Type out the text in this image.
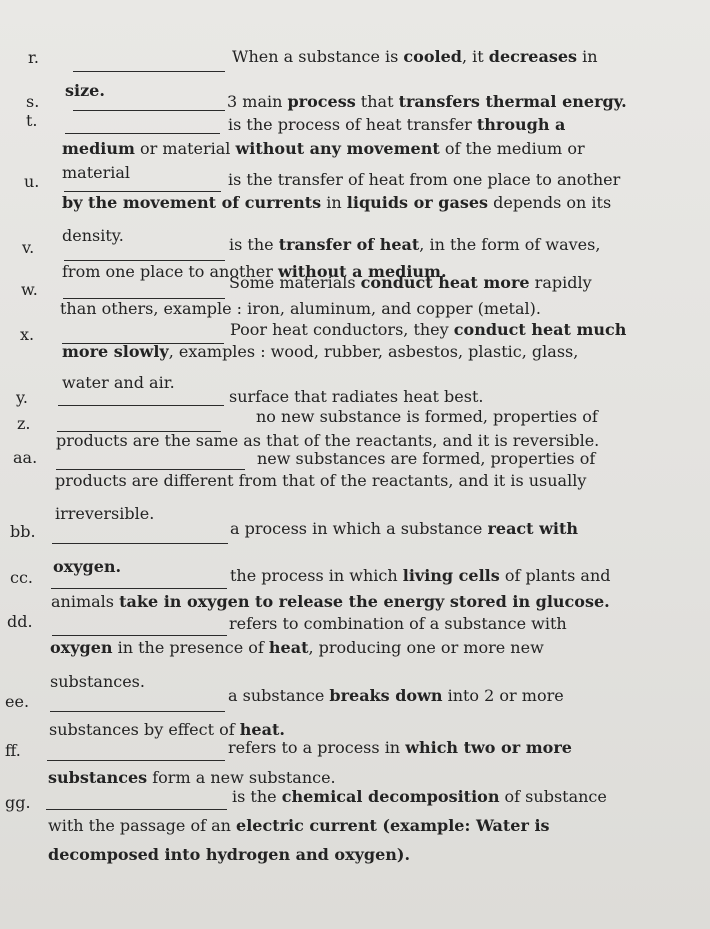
r.	When a substance is cooled, it decreases in
size.
s.	3 main process that transfers thermal energy.
t.	is the process of heat transfer through a
medium or material without any movement of the medium or
material
u.	is the transfer of heat from one place to another
by the movement of currents in liquids or gases depends on its
density.
v.	is the transfer of heat, in the form of waves,
from one place to another without a medium.
w.	Some materials conduct heat more rapidly
than others, example : iron, aluminum, and copper (metal).
x.	Poor heat conductors, they conduct heat much
more slowly, examples : wood, rubber, asbestos, plastic, glass,
water and air.
y.	surface that radiates heat best.
z.	no new substance is formed, properties of
products are the same as that of the reactants, and it is reversible.
aa.	new substances are formed, properties of
products are different from that of the reactants, and it is usually
irreversible.
bb.	a process in which a substance react with
oxygen.
cc.	the process in which living cells of plants and
animals take in oxygen to release the energy stored in glucose.
dd.	refers to combination of a substance with
oxygen in the presence of heat, producing one or more new
substances.
ee.	a substance breaks down into 2 or more
substances by effect of heat.
ff.	refers to a process in which two or more
substances form a new substance.
gg.	is the chemical decomposition of substance
with the passage of an electric current (example: Water is
decomposed into hydrogen and oxygen).
